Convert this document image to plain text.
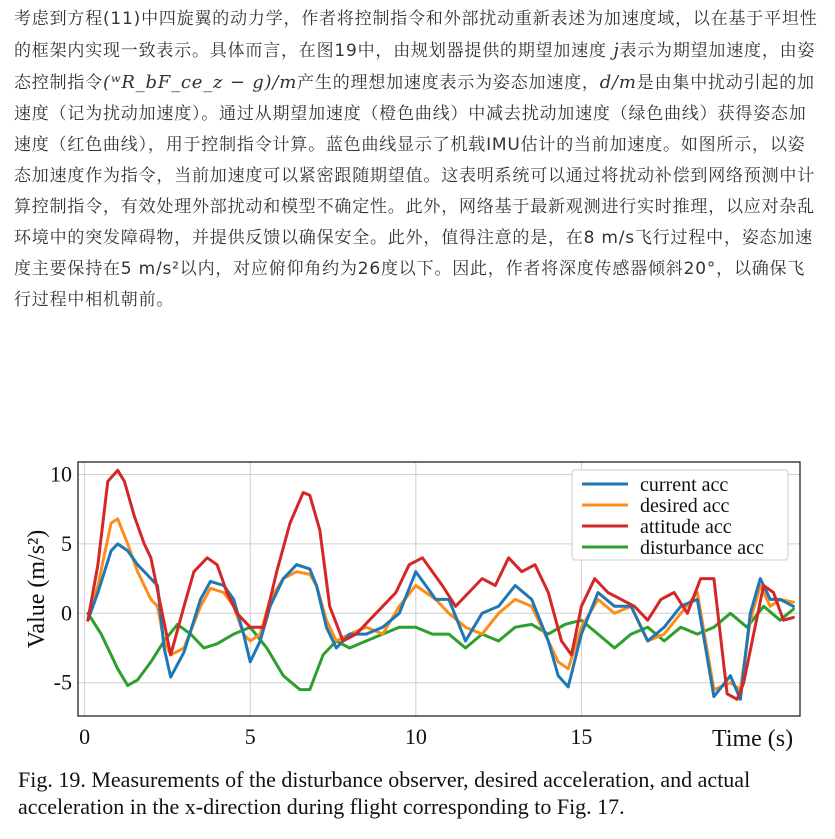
考虑到方程(11)中四旋翼的动力学，作者将控制指令和外部扰动重新表述为加速度域，以在基于平坦性的框架内实现一致表示。具体而言，在图19中，由规划器提供的期望加速度 j̇表示为期望加速度，由姿态控制指令(ʷR_bF_ce_z − g)/m产生的理想加速度表示为姿态加速度，d/m是由集中扰动引起的加速度（记为扰动加速度）。通过从期望加速度（橙色曲线）中减去扰动加速度（绿色曲线）获得姿态加速度（红色曲线），用于控制指令计算。蓝色曲线显示了机载IMU估计的当前加速度。如图所示，以姿态加速度作为指令，当前加速度可以紧密跟随期望值。这表明系统可以通过将扰动补偿到网络预测中计算控制指令，有效处理外部扰动和模型不确定性。此外，网络基于最新观测进行实时推理，以应对杂乱环境中的突发障碍物，并提供反馈以确保安全。此外，值得注意的是，在8 m/s飞行过程中，姿态加速度主要保持在5 m/s²以内，对应俯仰角约为26度以下。因此，作者将深度传感器倾斜20°，以确保飞行过程中相机朝前。

0	5	10	15
-5
0
5
10
Value (m/s²)
Time (s)
current acc
desired acc
attitude acc
disturbance acc

Fig. 19. Measurements of the disturbance observer, desired acceleration, and actual acceleration in the x-direction during flight corresponding to Fig. 17.
